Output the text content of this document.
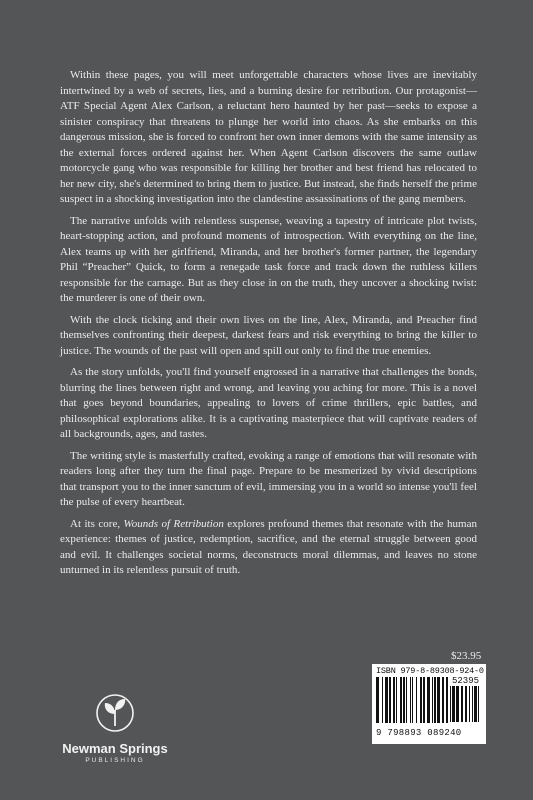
Within these pages, you will meet unforgettable characters whose lives are inevitably intertwined by a web of secrets, lies, and a burning desire for retribution. Our protagonist—ATF Special Agent Alex Carlson, a reluctant hero haunted by her past—seeks to expose a sinister conspiracy that threatens to plunge her world into chaos. As she embarks on this dangerous mission, she is forced to confront her own inner demons with the same intensity as the external forces ordered against her. When Agent Carlson discovers the same outlaw motorcycle gang who was responsible for killing her brother and best friend has relocated to her new city, she's determined to bring them to justice. But instead, she finds herself the prime suspect in a shocking investigation into the clandestine assassinations of the gang members.

The narrative unfolds with relentless suspense, weaving a tapestry of intricate plot twists, heart-stopping action, and profound moments of introspection. With everything on the line, Alex teams up with her girlfriend, Miranda, and her brother's former partner, the legendary Phil “Preacher” Quick, to form a renegade task force and track down the ruthless killers responsible for the carnage. But as they close in on the truth, they uncover a shocking twist: the murderer is one of their own.

With the clock ticking and their own lives on the line, Alex, Miranda, and Preacher find themselves confronting their deepest, darkest fears and risk everything to bring the killer to justice. The wounds of the past will open and spill out only to find the true enemies.

As the story unfolds, you'll find yourself engrossed in a narrative that challenges the bonds, blurring the lines between right and wrong, and leaving you aching for more. This is a novel that goes beyond boundaries, appealing to lovers of crime thrillers, epic battles, and philosophical explorations alike. It is a captivating masterpiece that will captivate readers of all backgrounds, ages, and tastes.

The writing style is masterfully crafted, evoking a range of emotions that will resonate with readers long after they turn the final page. Prepare to be mesmerized by vivid descriptions that transport you to the inner sanctum of evil, immersing you in a world so intense you'll feel the pulse of every heartbeat.

At its core, Wounds of Retribution explores profound themes that resonate with the human experience: themes of justice, redemption, sacrifice, and the eternal struggle between good and evil. It challenges societal norms, deconstructs moral dilemmas, and leaves no stone unturned in its relentless pursuit of truth.

$23.95
ISBN 979-8-89308-924-0
52395
9 798893 089240
Newman Springs
PUBLISHING
